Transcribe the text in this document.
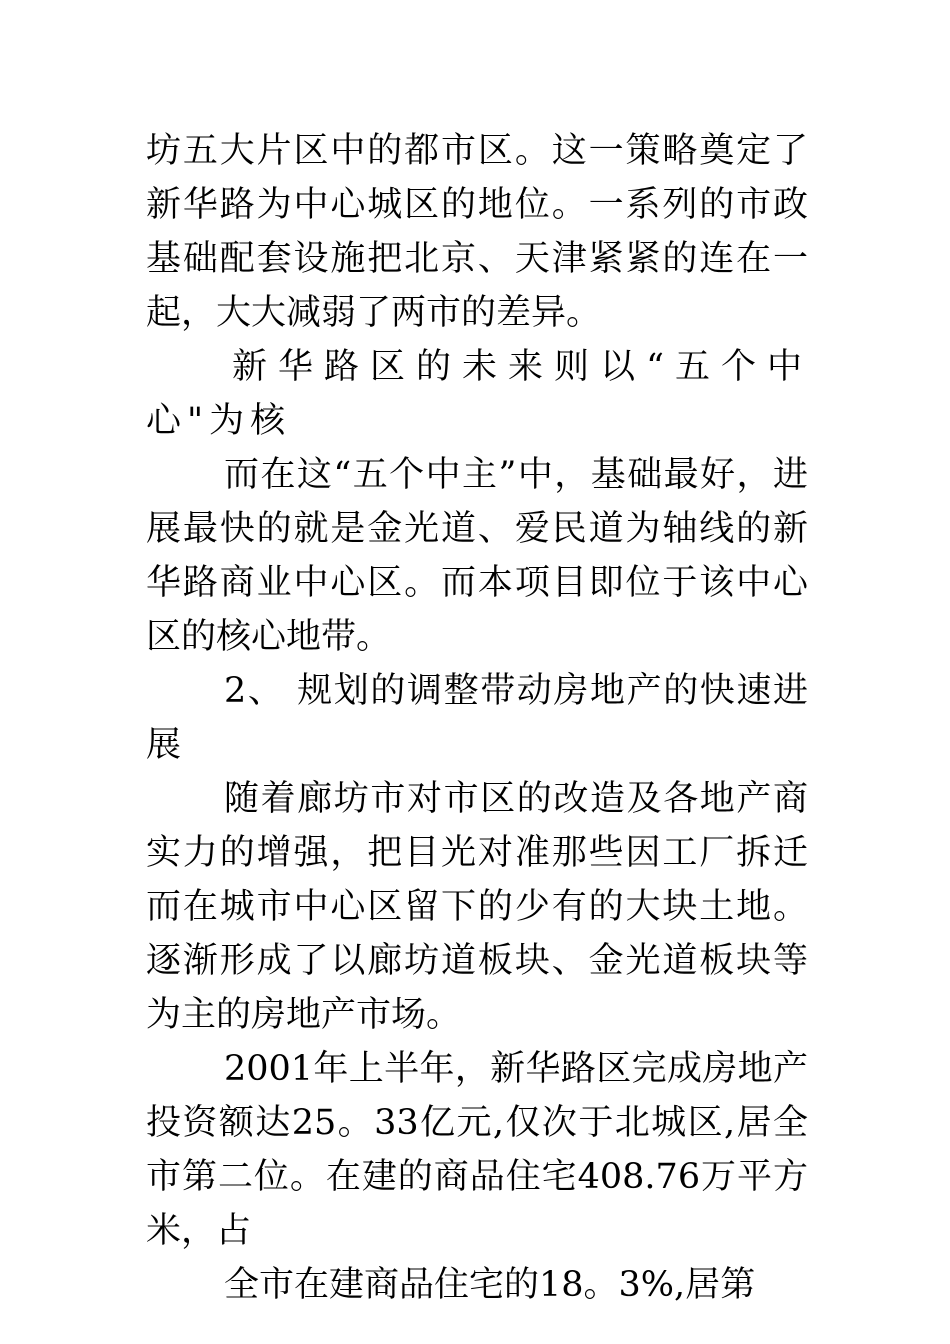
坊五大片区中的都市区。这一策略奠定了新华路为中心城区的地位。一系列的市政基础配套设施把北京、天津紧紧的连在一起，大大减弱了两市的差异。

新华路区的未来则以“五个中心"为核

而在这“五个中主”中，基础最好，进展最快的就是金光道、爱民道为轴线的新华路商业中心区。而本项目即位于该中心区的核心地带。

2、 规划的调整带动房地产的快速进展

随着廊坊市对市区的改造及各地产商实力的增强，把目光对准那些因工厂拆迁而在城市中心区留下的少有的大块土地。逐渐形成了以廊坊道板块、金光道板块等为主的房地产市场。

2001年上半年，新华路区完成房地产投资额达25。33亿元,仅次于北城区,居全市第二位。在建的商品住宅408.76万平方米，占

全市在建商品住宅的18。3%,居第
